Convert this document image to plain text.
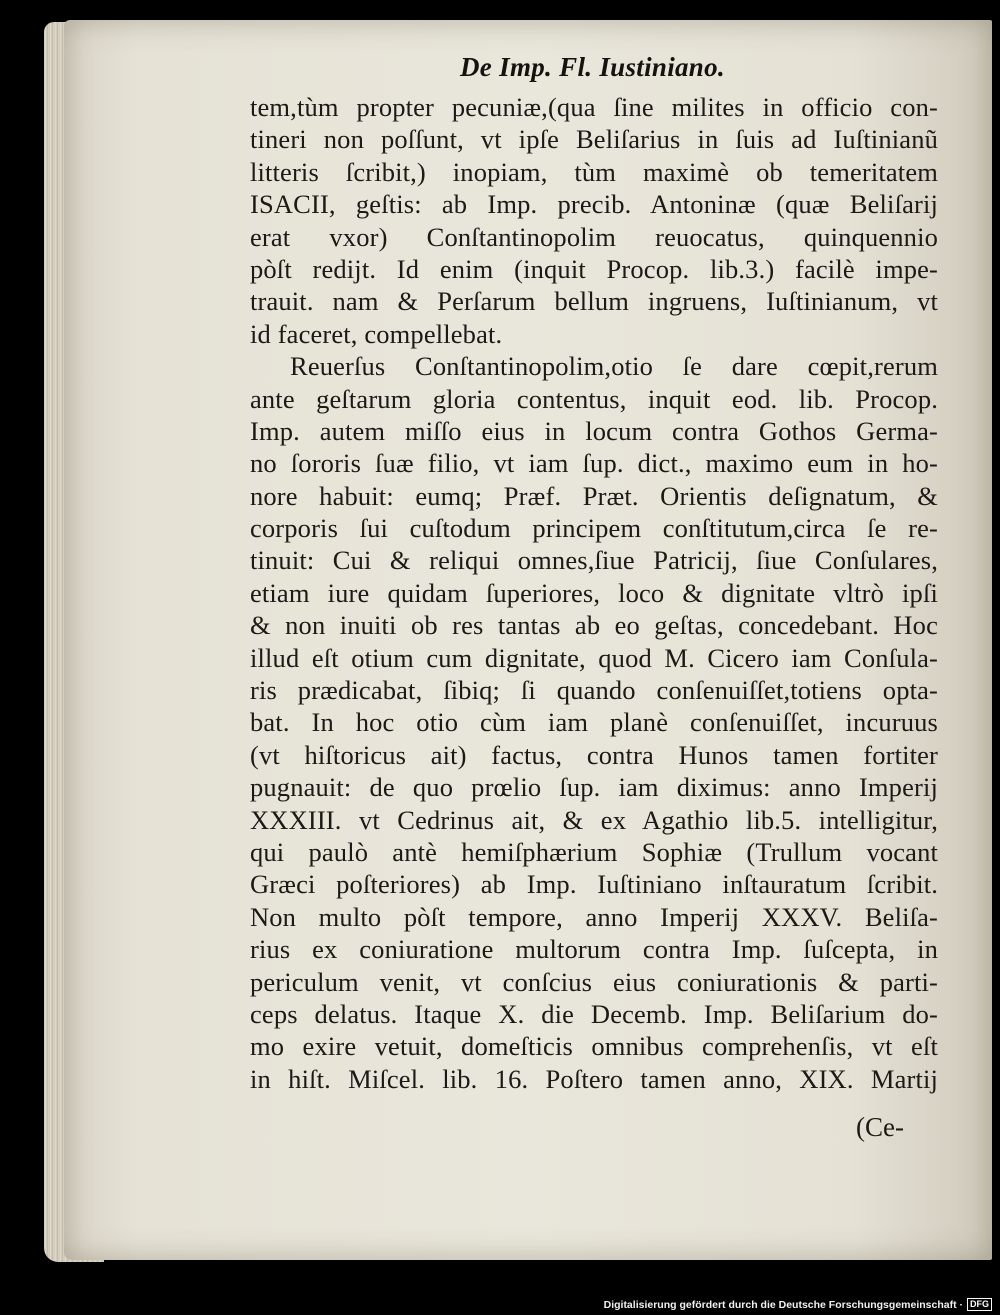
De Imp. Fl. Iustiniano.
tem,tùm propter pecuniæ,(qua ſine milites in officio con-
tineri non poſſunt, vt ipſe Beliſarius in ſuis ad Iuſtinianũ
litteris ſcribit,) inopiam, tùm maximè ob temeritatem
ISACII, geſtis: ab Imp. precib. Antoninæ (quæ Beliſarij
erat vxor) Conſtantinopolim reuocatus, quinquennio
pòſt redijt. Id enim (inquit Procop. lib.3.) facilè impe-
trauit. nam & Perſarum bellum ingruens, Iuſtinianum, vt
id faceret, compellebat.
Reuerſus Conſtantinopolim,otio ſe dare cœpit,rerum
ante geſtarum gloria contentus, inquit eod. lib. Procop.
Imp. autem miſſo eius in locum contra Gothos Germa-
no ſororis ſuæ filio, vt iam ſup. dict., maximo eum in ho-
nore habuit: eumq; Præf. Præt. Orientis deſignatum, &
corporis ſui cuſtodum principem conſtitutum,circa ſe re-
tinuit: Cui & reliqui omnes,ſiue Patricij, ſiue Conſulares,
etiam iure quidam ſuperiores, loco & dignitate vltrò ipſi
& non inuiti ob res tantas ab eo geſtas, concedebant. Hoc
illud eſt otium cum dignitate, quod M. Cicero iam Conſula-
ris prædicabat, ſibiq; ſi quando conſenuiſſet,totiens opta-
bat. In hoc otio cùm iam planè conſenuiſſet, incuruus
(vt hiſtoricus ait) factus, contra Hunos tamen fortiter
pugnauit: de quo prœlio ſup. iam diximus: anno Imperij
XXXIII. vt Cedrinus ait, & ex Agathio lib.5. intelligitur,
qui paulò antè hemiſphærium Sophiæ (Trullum vocant
Græci poſteriores) ab Imp. Iuſtiniano inſtauratum ſcribit.
Non multo pòſt tempore, anno Imperij XXXV. Beliſa-
rius ex coniuratione multorum contra Imp. ſuſcepta, in
periculum venit, vt conſcius eius coniurationis & parti-
ceps delatus. Itaque X. die Decemb. Imp. Beliſarium do-
mo exire vetuit, domeſticis omnibus comprehenſis, vt eſt
in hiſt. Miſcel. lib. 16. Poſtero tamen anno, XIX. Martij
(Ce-
Digitalisierung gefördert durch die Deutsche Forschungsgemeinschaft · DFG
